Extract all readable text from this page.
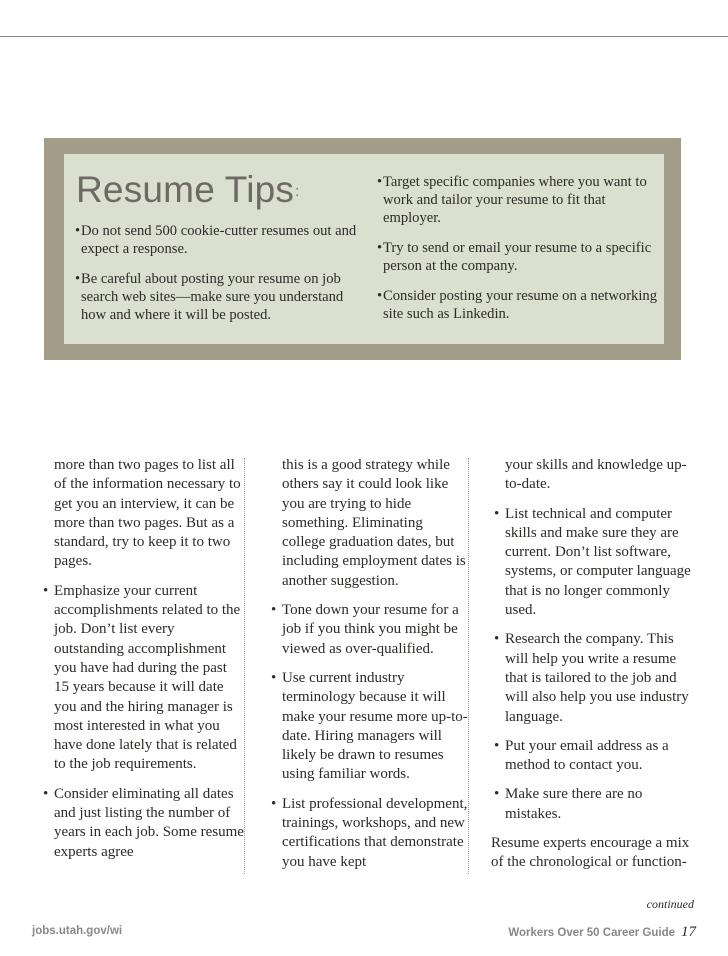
Resume Tips:
• Do not send 500 cookie-cutter resumes out and expect a response.
• Be careful about posting your resume on job search web sites—make sure you understand how and where it will be posted.
• Target specific companies where you want to work and tailor your resume to fit that employer.
• Try to send or email your resume to a specific person at the company.
• Consider posting your resume on a networking site such as Linkedin.

more than two pages to list all of the information necessary to get you an interview, it can be more than two pages. But as a standard, try to keep it to two pages.

• Emphasize your current accomplishments related to the job. Don’t list every outstanding accomplishment you have had during the past 15 years because it will date you and the hiring manager is most interested in what you have done lately that is related to the job requirements.
• Consider eliminating all dates and just listing the number of years in each job. Some resume experts agree

this is a good strategy while others say it could look like you are trying to hide something. Eliminating college graduation dates, but including employment dates is another suggestion.

• Tone down your resume for a job if you think you might be viewed as over-qualified.
• Use current industry terminology because it will make your resume more up-to-date. Hiring managers will likely be drawn to resumes using familiar words.
• List professional development, trainings, workshops, and new certifications that demonstrate you have kept

your skills and knowledge up-to-date.

• List technical and computer skills and make sure they are current. Don’t list software, systems, or computer language that is no longer commonly used.
• Research the company. This will help you write a resume that is tailored to the job and will also help you use industry language.
• Put your email address as a method to contact you.
• Make sure there are no mistakes.

Resume experts encourage a mix of the chronological or function-

continued
jobs.utah.gov/wi	Workers Over 50 Career Guide 17
